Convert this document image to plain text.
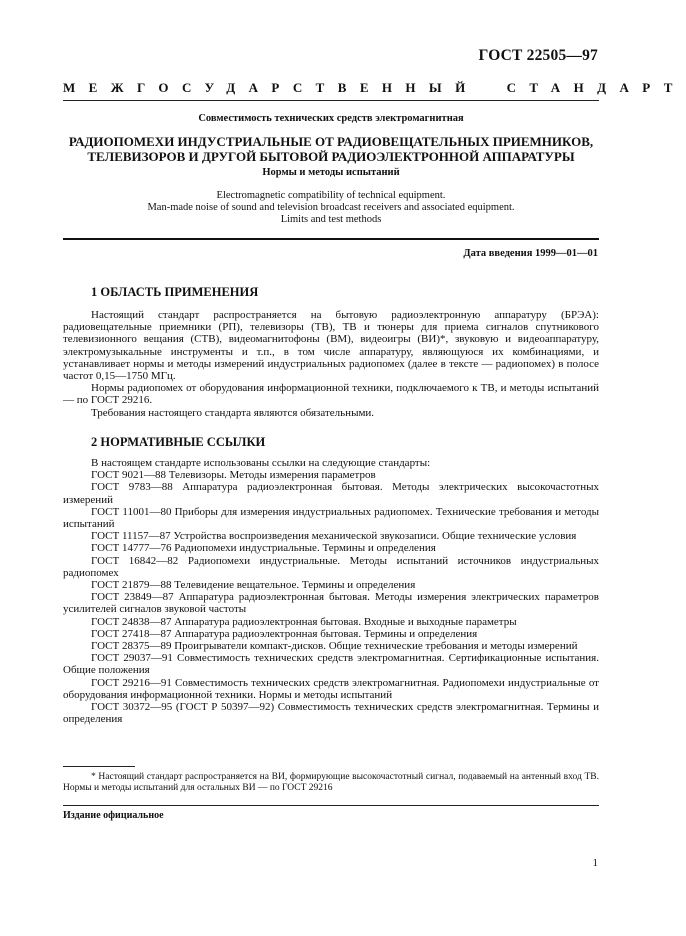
ГОСТ 22505—97
МЕЖГОСУДАРСТВЕННЫЙ СТАНДАРТ
Совместимость технических средств электромагнитная
РАДИОПОМЕХИ ИНДУСТРИАЛЬНЫЕ ОТ РАДИОВЕЩАТЕЛЬНЫХ ПРИЕМНИКОВ,
ТЕЛЕВИЗОРОВ И ДРУГОЙ БЫТОВОЙ РАДИОЭЛЕКТРОННОЙ АППАРАТУРЫ
Нормы и методы испытаний
Electromagnetic compatibility of technical equipment.
Man-made noise of sound and television broadcast receivers and associated equipment.
Limits and test methods
Дата введения 1999—01—01
1 ОБЛАСТЬ ПРИМЕНЕНИЯ

Настоящий стандарт распространяется на бытовую радиоэлектронную аппаратуру (БРЭА): радиовещательные приемники (РП), телевизоры (ТВ), ТВ и тюнеры для приема сигналов спутникового телевизионного вещания (СТВ), видеомагнитофоны (ВМ), видеоигры (ВИ)*, звуковую и видеоаппаратуру, электромузыкальные инструменты и т.п., в том числе аппаратуру, являющуюся их комбинациями, и устанавливает нормы и методы измерений индустриальных радиопомех (далее в тексте — радиопомех) в полосе частот 0,15—1750 МГц.

Нормы радиопомех от оборудования информационной техники, подключаемого к ТВ, и методы испытаний — по ГОСТ 29216.

Требования настоящего стандарта являются обязательными.

2 НОРМАТИВНЫЕ ССЫЛКИ

В настоящем стандарте использованы ссылки на следующие стандарты:

ГОСТ 9021—88 Телевизоры. Методы измерения параметров

ГОСТ 9783—88 Аппаратура радиоэлектронная бытовая. Методы электрических высокочастотных измерений

ГОСТ 11001—80 Приборы для измерения индустриальных радиопомех. Технические требования и методы испытаний

ГОСТ 11157—87 Устройства воспроизведения механической звукозаписи. Общие технические условия

ГОСТ 14777—76 Радиопомехи индустриальные. Термины и определения

ГОСТ 16842—82 Радиопомехи индустриальные. Методы испытаний источников индустриальных радиопомех

ГОСТ 21879—88 Телевидение вещательное. Термины и определения

ГОСТ 23849—87 Аппаратура радиоэлектронная бытовая. Методы измерения электрических параметров усилителей сигналов звуковой частоты

ГОСТ 24838—87 Аппаратура радиоэлектронная бытовая. Входные и выходные параметры

ГОСТ 27418—87 Аппаратура радиоэлектронная бытовая. Термины и определения

ГОСТ 28375—89 Проигрыватели компакт-дисков. Общие технические требования и методы измерений

ГОСТ 29037—91 Совместимость технических средств электромагнитная. Сертификационные испытания. Общие положения

ГОСТ 29216—91 Совместимость технических средств электромагнитная. Радиопомехи индустриальные от оборудования информационной техники. Нормы и методы испытаний

ГОСТ 30372—95 (ГОСТ Р 50397—92) Совместимость технических средств электромагнитная. Термины и определения

* Настоящий стандарт распространяется на ВИ, формирующие высокочастотный сигнал, подаваемый на антенный вход ТВ. Нормы и методы испытаний для остальных ВИ — по ГОСТ 29216
Издание официальное
1
